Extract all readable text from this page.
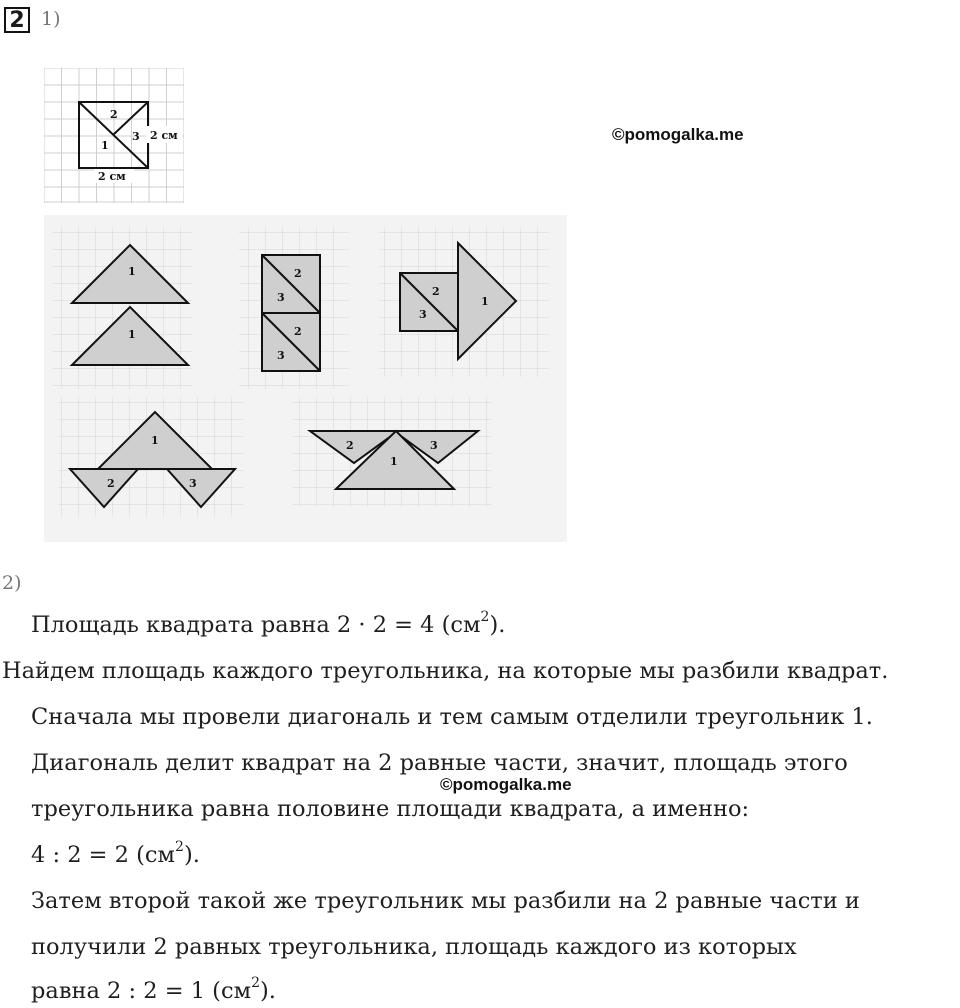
2 1)
2
3
1
2 см
2 см
©pomogalka.me
1
1
2
3
2
3
2
3
1
1
2	3
2	3
1
2)
Площадь квадрата равна 2 · 2 = 4 $(см^2)$.
Найдем площадь каждого треугольника, на которые мы разбили квадрат.
Сначала мы провели диагональ и тем самым отделили треугольник 1.
Диагональ делит квадрат на 2 равные части, значит, площадь этого
треугольника равна половине площади квадрата, а именно:
4 : 2 = 2 $(см^2)$.
Затем второй такой же треугольник мы разбили на 2 равные части и
получили 2 равных треугольника, площадь каждого из которых
равна 2 : 2 = 1 $(см^2)$.
©pomogalka.me
